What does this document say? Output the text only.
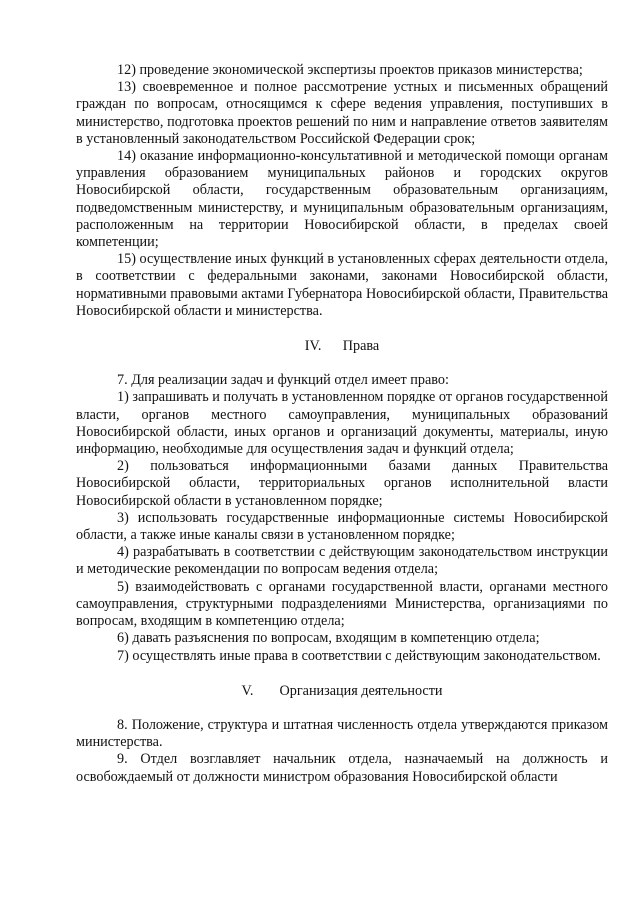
12) проведение экономической экспертизы проектов приказов министерства;

13) своевременное и полное рассмотрение устных и письменных обращений граждан по вопросам, относящимся к сфере ведения управления, поступивших в министерство, подготовка проектов решений по ним и направление ответов заявителям в установленный законодательством Российской Федерации срок;

14) оказание информационно-консультативной и методической помощи органам управления образованием муниципальных районов и городских округов Новосибирской области, государственным образовательным организациям, подведомственным министерству, и муниципальным образовательным организациям, расположенным на территории Новосибирской области, в пределах своей компетенции;

15) осуществление иных функций в установленных сферах деятельности отдела, в соответствии с федеральными законами, законами Новосибирской области, нормативными правовыми актами Губернатора Новосибирской области, Правительства Новосибирской области и министерства.

IV. Права

7. Для реализации задач и функций отдел имеет право:

1) запрашивать и получать в установленном порядке от органов государственной власти, органов местного самоуправления, муниципальных образований Новосибирской области, иных органов и организаций документы, материалы, иную информацию, необходимые для осуществления задач и функций отдела;

2) пользоваться информационными базами данных Правительства Новосибирской области, территориальных органов исполнительной власти Новосибирской области в установленном порядке;

3) использовать государственные информационные системы Новосибирской области, а также иные каналы связи в установленном порядке;

4) разрабатывать в соответствии с действующим законодательством инструкции и методические рекомендации по вопросам ведения отдела;

5) взаимодействовать с органами государственной власти, органами местного самоуправления, структурными подразделениями Министерства, организациями по вопросам, входящим в компетенцию отдела;

6) давать разъяснения по вопросам, входящим в компетенцию отдела;

7) осуществлять иные права в соответствии с действующим законодательством.

V. Организация деятельности

8. Положение, структура и штатная численность отдела утверждаются приказом министерства.

9. Отдел возглавляет начальник отдела, назначаемый на должность и освобождаемый от должности министром образования Новосибирской области
